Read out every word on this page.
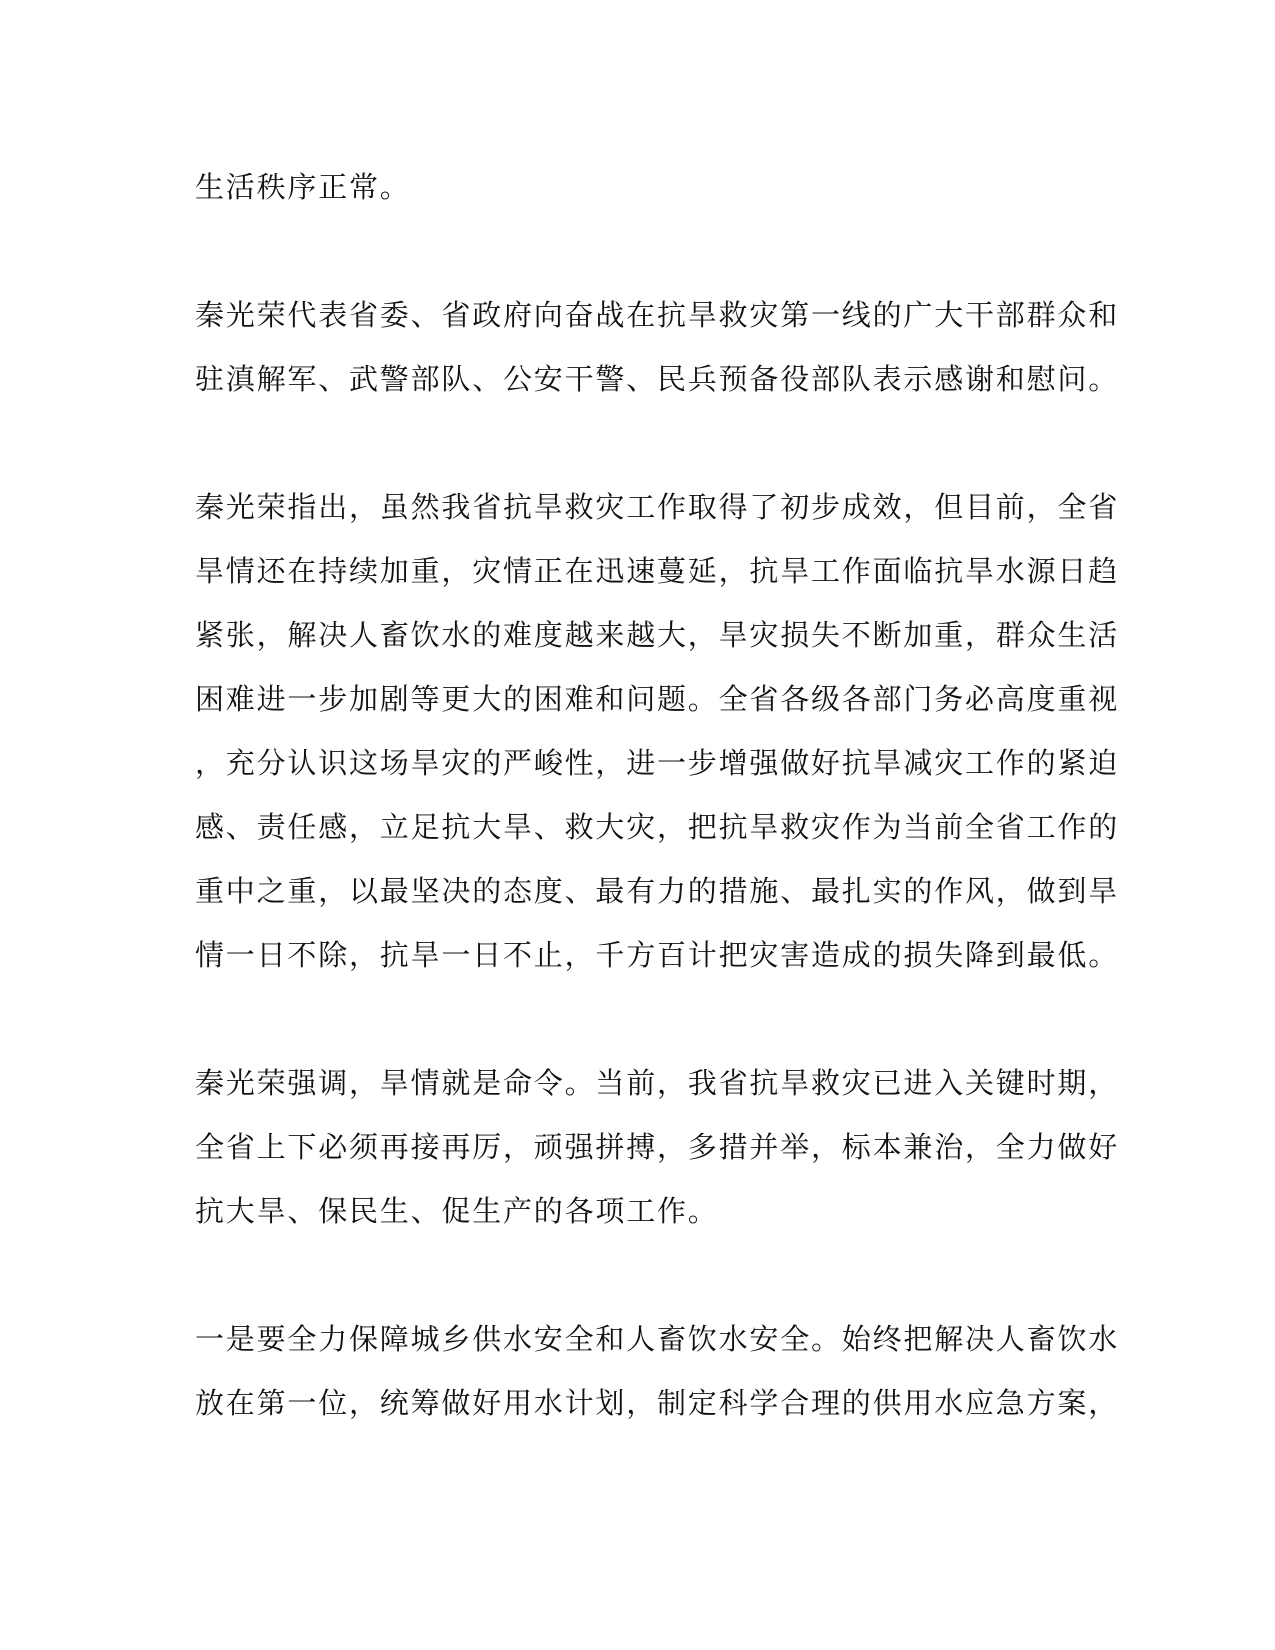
生活秩序正常。
秦光荣代表省委、省政府向奋战在抗旱救灾第一线的广大干部群众和
驻滇解军、武警部队、公安干警、民兵预备役部队表示感谢和慰问。
秦光荣指出，虽然我省抗旱救灾工作取得了初步成效，但目前，全省
旱情还在持续加重，灾情正在迅速蔓延，抗旱工作面临抗旱水源日趋
紧张，解决人畜饮水的难度越来越大，旱灾损失不断加重，群众生活
困难进一步加剧等更大的困难和问题。全省各级各部门务必高度重视
，充分认识这场旱灾的严峻性，进一步增强做好抗旱减灾工作的紧迫
感、责任感，立足抗大旱、救大灾，把抗旱救灾作为当前全省工作的
重中之重，以最坚决的态度、最有力的措施、最扎实的作风，做到旱
情一日不除，抗旱一日不止，千方百计把灾害造成的损失降到最低。
秦光荣强调，旱情就是命令。当前，我省抗旱救灾已进入关键时期，
全省上下必须再接再厉，顽强拼搏，多措并举，标本兼治，全力做好
抗大旱、保民生、促生产的各项工作。
一是要全力保障城乡供水安全和人畜饮水安全。始终把解决人畜饮水
放在第一位，统筹做好用水计划，制定科学合理的供用水应急方案，
